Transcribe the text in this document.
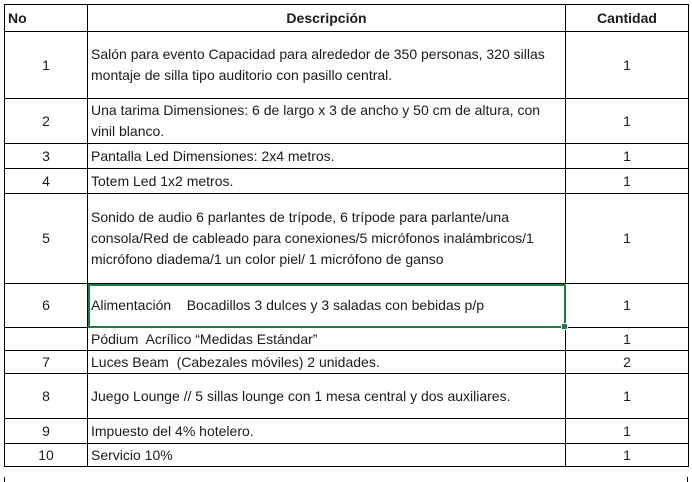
No	Descripción	Cantidad
1	Salón para evento Capacidad para alrededor de 350 personas, 320 sillas montaje de silla tipo auditorio con pasillo central.	1
2	Una tarima Dimensiones: 6 de largo x 3 de ancho y 50 cm de altura, con vinil blanco.	1
3	Pantalla Led Dimensiones: 2x4 metros.	1
4	Totem Led 1x2 metros.	1
5	Sonido de audio 6 parlantes de trípode, 6 trípode para parlante/una consola/Red de cableado para conexiones/5 micrófonos inalámbricos/1 micrófono diadema/1 un color piel/ 1 micrófono de ganso	1
6	Alimentación    Bocadillos 3 dulces y 3 saladas con bebidas p/p	1
	Pódium  Acrílico “Medidas Estándar”	1
7	Luces Beam  (Cabezales móviles) 2 unidades.	2
8	Juego Lounge // 5 sillas lounge con 1 mesa central y dos auxiliares.	1
9	Impuesto del 4% hotelero.	1
10	Servicio 10%	1
